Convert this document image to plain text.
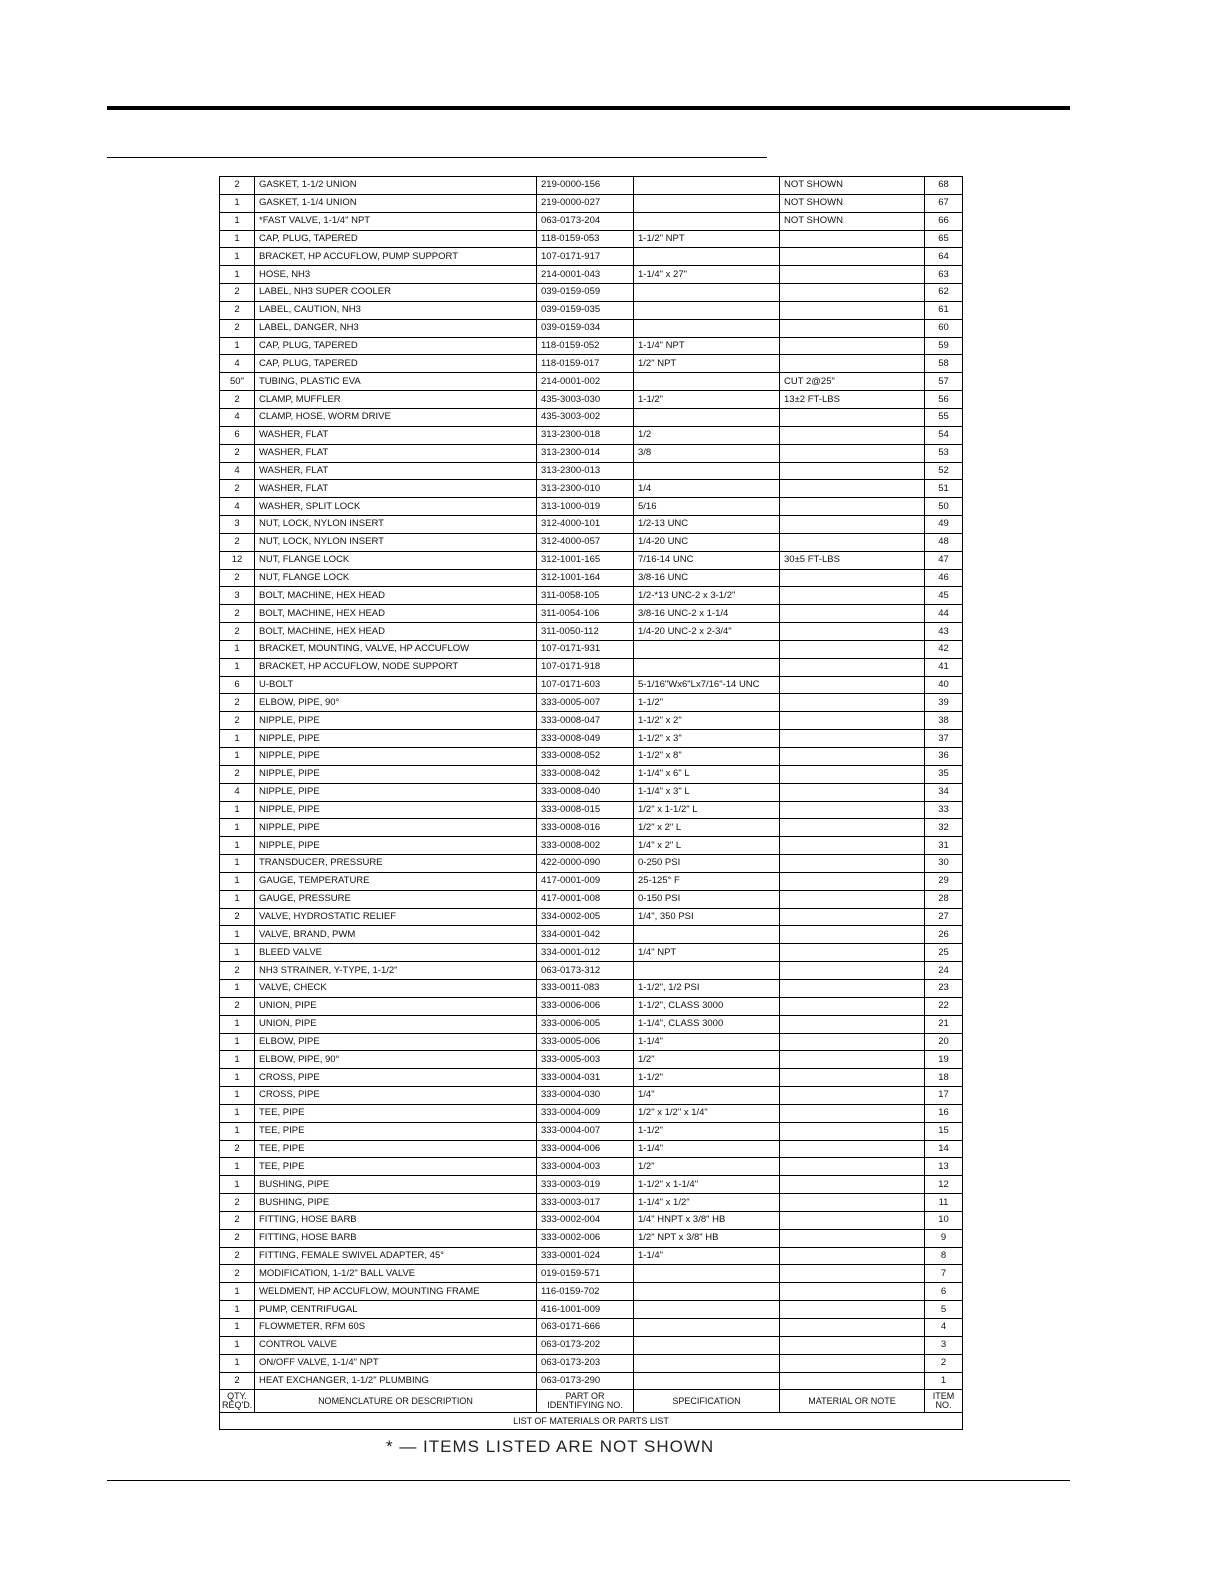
2	GASKET, 1-1/2 UNION	219-0000-156		NOT SHOWN	68
1	GASKET, 1-1/4 UNION	219-0000-027		NOT SHOWN	67
1	*FAST VALVE, 1-1/4" NPT	063-0173-204		NOT SHOWN	66
1	CAP, PLUG, TAPERED	118-0159-053	1-1/2" NPT		65
1	BRACKET, HP ACCUFLOW, PUMP SUPPORT	107-0171-917			64
1	HOSE, NH3	214-0001-043	1-1/4" x 27"		63
2	LABEL, NH3 SUPER COOLER	039-0159-059			62
2	LABEL, CAUTION, NH3	039-0159-035			61
2	LABEL, DANGER, NH3	039-0159-034			60
1	CAP, PLUG, TAPERED	118-0159-052	1-1/4" NPT		59
4	CAP, PLUG, TAPERED	118-0159-017	1/2" NPT		58
50"	TUBING, PLASTIC EVA	214-0001-002		CUT 2@25"	57
2	CLAMP, MUFFLER	435-3003-030	1-1/2"	13±2 FT-LBS	56
4	CLAMP, HOSE, WORM DRIVE	435-3003-002			55
6	WASHER, FLAT	313-2300-018	1/2		54
2	WASHER, FLAT	313-2300-014	3/8		53
4	WASHER, FLAT	313-2300-013			52
2	WASHER, FLAT	313-2300-010	1/4		51
4	WASHER, SPLIT LOCK	313-1000-019	5/16		50
3	NUT, LOCK, NYLON INSERT	312-4000-101	1/2-13 UNC		49
2	NUT, LOCK, NYLON INSERT	312-4000-057	1/4-20 UNC		48
12	NUT, FLANGE LOCK	312-1001-165	7/16-14 UNC	30±5 FT-LBS	47
2	NUT, FLANGE LOCK	312-1001-164	3/8-16 UNC		46
3	BOLT, MACHINE, HEX HEAD	311-0058-105	1/2-*13 UNC-2 x 3-1/2"		45
2	BOLT, MACHINE, HEX HEAD	311-0054-106	3/8-16 UNC-2 x 1-1/4		44
2	BOLT, MACHINE, HEX HEAD	311-0050-112	1/4-20 UNC-2 x 2-3/4"		43
1	BRACKET, MOUNTING, VALVE, HP ACCUFLOW	107-0171-931			42
1	BRACKET, HP ACCUFLOW, NODE SUPPORT	107-0171-918			41
6	U-BOLT	107-0171-603	5-1/16"Wx6"Lx7/16"-14 UNC		40
2	ELBOW, PIPE, 90°	333-0005-007	1-1/2"		39
2	NIPPLE, PIPE	333-0008-047	1-1/2" x 2"		38
1	NIPPLE, PIPE	333-0008-049	1-1/2" x 3"		37
1	NIPPLE, PIPE	333-0008-052	1-1/2" x 8"		36
2	NIPPLE, PIPE	333-0008-042	1-1/4" x 6" L		35
4	NIPPLE, PIPE	333-0008-040	1-1/4" x 3" L		34
1	NIPPLE, PIPE	333-0008-015	1/2" x 1-1/2" L		33
1	NIPPLE, PIPE	333-0008-016	1/2" x 2" L		32
1	NIPPLE, PIPE	333-0008-002	1/4" x 2" L		31
1	TRANSDUCER, PRESSURE	422-0000-090	0-250 PSI		30
1	GAUGE, TEMPERATURE	417-0001-009	25-125° F		29
1	GAUGE, PRESSURE	417-0001-008	0-150 PSI		28
2	VALVE, HYDROSTATIC RELIEF	334-0002-005	1/4", 350 PSI		27
1	VALVE, BRAND, PWM	334-0001-042			26
1	BLEED VALVE	334-0001-012	1/4" NPT		25
2	NH3 STRAINER, Y-TYPE, 1-1/2"	063-0173-312			24
1	VALVE, CHECK	333-0011-083	1-1/2", 1/2 PSI		23
2	UNION, PIPE	333-0006-006	1-1/2", CLASS 3000		22
1	UNION, PIPE	333-0006-005	1-1/4", CLASS 3000		21
1	ELBOW, PIPE	333-0005-006	1-1/4"		20
1	ELBOW, PIPE, 90°	333-0005-003	1/2"		19
1	CROSS, PIPE	333-0004-031	1-1/2"		18
1	CROSS, PIPE	333-0004-030	1/4"		17
1	TEE, PIPE	333-0004-009	1/2" x 1/2" x 1/4"		16
1	TEE, PIPE	333-0004-007	1-1/2"		15
2	TEE, PIPE	333-0004-006	1-1/4"		14
1	TEE, PIPE	333-0004-003	1/2"		13
1	BUSHING, PIPE	333-0003-019	1-1/2" x 1-1/4"		12
2	BUSHING, PIPE	333-0003-017	1-1/4" x 1/2"		11
2	FITTING, HOSE BARB	333-0002-004	1/4" HNPT x 3/8" HB		10
2	FITTING, HOSE BARB	333-0002-006	1/2" NPT x 3/8" HB		9
2	FITTING, FEMALE SWIVEL ADAPTER, 45°	333-0001-024	1-1/4"		8
2	MODIFICATION, 1-1/2" BALL VALVE	019-0159-571			7
1	WELDMENT, HP ACCUFLOW, MOUNTING FRAME	116-0159-702			6
1	PUMP, CENTRIFUGAL	416-1001-009			5
1	FLOWMETER, RFM 60S	063-0171-666			4
1	CONTROL VALVE	063-0173-202			3
1	ON/OFF VALVE, 1-1/4" NPT	063-0173-203			2
2	HEAT EXCHANGER, 1-1/2" PLUMBING	063-0173-290			1
QTY. REQ'D.	NOMENCLATURE OR DESCRIPTION	PART OR IDENTIFYING NO.	SPECIFICATION	MATERIAL OR NOTE	ITEM NO.
LIST OF MATERIALS OR PARTS LIST					
* — ITEMS LISTED ARE NOT SHOWN
